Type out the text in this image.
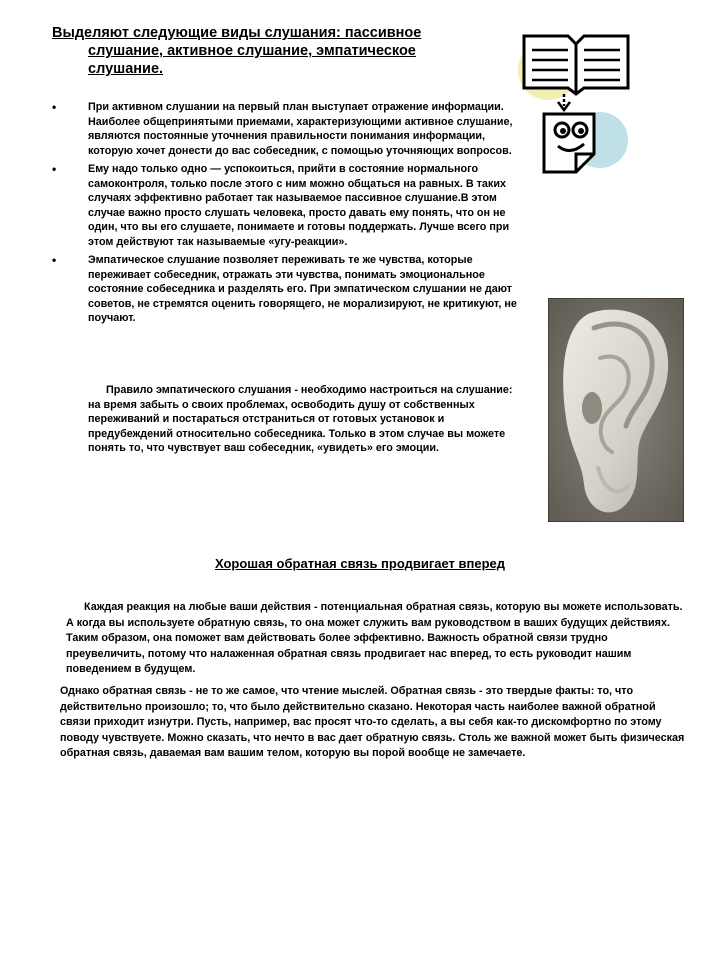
Выделяют следующие виды слушания: пассивное
слушание, активное слушание, эмпатическое
слушание.
•	При активном слушании на первый план выступает отражение информации. Наиболее общепринятыми приемами, характеризующими активное слушание, являются постоянные уточнения правильности понимания информации, которую хочет донести до вас собеседник, с помощью уточняющих вопросов.
•	Ему надо только одно — успокоиться, прийти в состояние нормального самоконтроля, только после этого с ним можно общаться на равных. В таких случаях эффективно работает так называемое пассивное слушание.В этом случае важно просто слушать человека, просто давать ему понять, что он не один, что вы его слушаете, понимаете и готовы поддержать. Лучше всего при этом действуют так называемые «угу-реакции».
•	Эмпатическое слушание позволяет переживать те же чувства, которые переживает собеседник, отражать эти чувства, понимать эмоциональное состояние собеседника и разделять его. При эмпатическом слушании не дают советов, не стремятся оценить говорящего, не морализируют, не критикуют, не поучают.

Правило эмпатического слушания - необходимо настроиться на слушание: на время забыть о своих проблемах, освободить душу от собственных переживаний и постараться отстраниться от готовых установок и предубеждений относительно собеседника. Только в этом случае вы можете понять то, что чувствует ваш собеседник, «увидеть» его эмоции.

Хорошая обратная связь продвигает вперед

Каждая реакция на любые ваши действия - потенциальная обратная связь, которую вы можете использовать. А когда вы используете обратную связь, то она может служить вам руководством в ваших будущих действиях. Таким образом, она поможет вам действовать более эффективно. Важность обратной связи трудно преувеличить, потому что налаженная обратная связь продвигает нас вперед, то есть руководит нашим поведением в будущем.

Однако обратная связь - не то же самое, что чтение мыслей. Обратная связь - это твердые факты: то, что действительно произошло; то, что было действительно сказано. Некоторая часть наиболее важной обратной связи приходит изнутри. Пусть, например, вас просят что-то сделать, а вы себя как-то дискомфортно по этому поводу чувствуете. Можно сказать, что нечто в вас дает обратную связь. Столь же важной может быть физическая обратная связь, даваемая вам вашим телом, которую вы порой вообще не замечаете.
